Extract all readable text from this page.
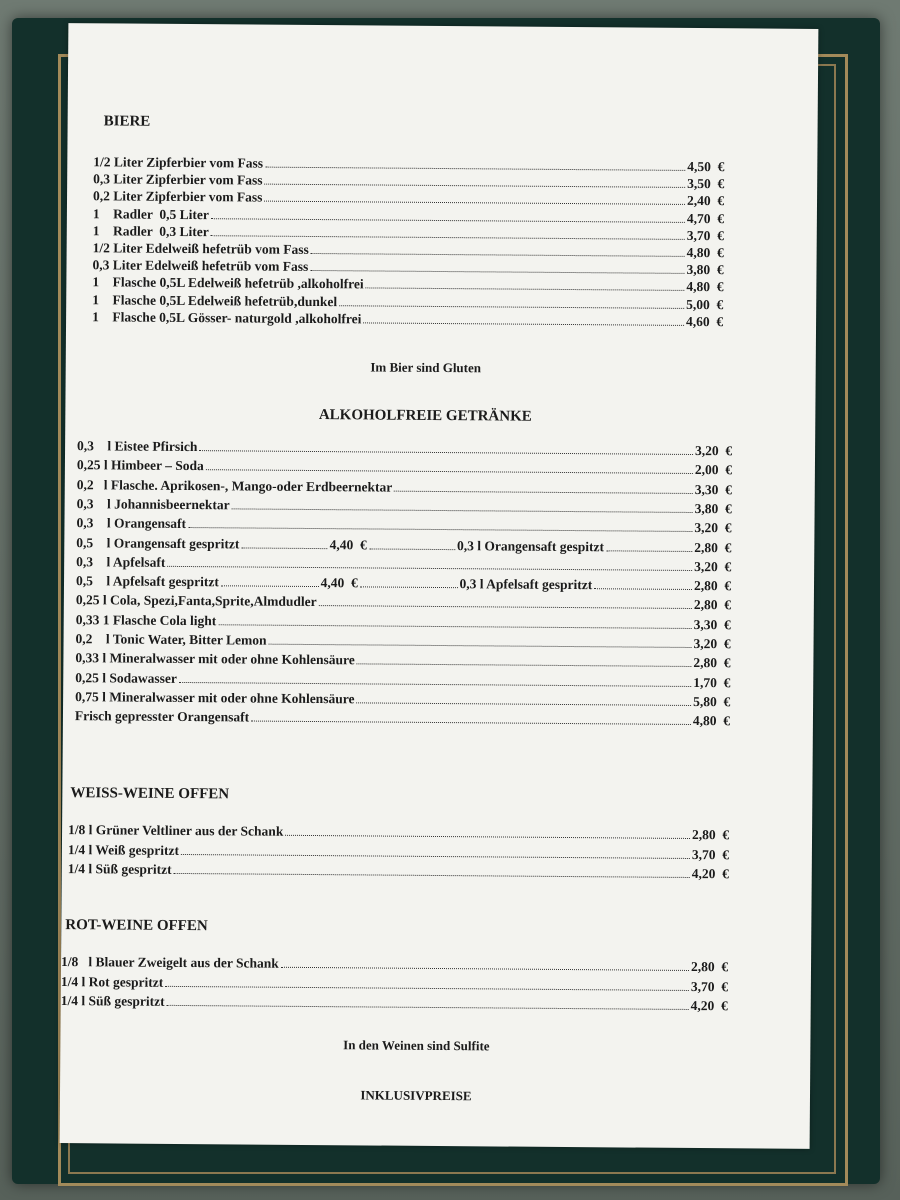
BIERE
1/2 Liter Zipferbier vom Fass	4,50  €
0,3 Liter Zipferbier vom Fass	3,50  €
0,2 Liter Zipferbier vom Fass	2,40  €
1    Radler  0,5 Liter	4,70  €
1    Radler  0,3 Liter	3,70  €
1/2 Liter Edelweiß hefetrüb vom Fass	4,80  €
0,3 Liter Edelweiß hefetrüb vom Fass	3,80  €
1    Flasche 0,5L Edelweiß hefetrüb ,alkoholfrei	4,80  €
1    Flasche 0,5L Edelweiß hefetrüb,dunkel	5,00  €
1    Flasche 0,5L Gösser- naturgold ,alkoholfrei	4,60  €
Im Bier sind Gluten
ALKOHOLFREIE GETRÄNKE
0,3    l Eistee Pfirsich	3,20  €
0,25 l Himbeer – Soda	2,00  €
0,2   l Flasche. Aprikosen-, Mango-oder Erdbeernektar	3,30  €
0,3    l Johannisbeernektar	3,80  €
0,3    l Orangensaft	3,20  €
0,5    l Orangensaft gespritzt	4,40  €	0,3 l Orangensaft gespitzt	2,80  €
0,3    l Apfelsaft	3,20  €
0,5    l Apfelsaft gespritzt	4,40  €	0,3 l Apfelsaft gespritzt	2,80  €
0,25 l Cola, Spezi,Fanta,Sprite,Almdudler	2,80  €
0,33 1 Flasche Cola light	3,30  €
0,2    l Tonic Water, Bitter Lemon	3,20  €
0,33 l Mineralwasser mit oder ohne Kohlensäure	2,80  €
0,25 l Sodawasser	1,70  €
0,75 l Mineralwasser mit oder ohne Kohlensäure	5,80  €
Frisch gepresster Orangensaft	4,80  €
WEISS-WEINE OFFEN
1/8 l Grüner Veltliner aus der Schank	2,80  €
1/4 l Weiß gespritzt	3,70  €
1/4 l Süß gespritzt	4,20  €
ROT-WEINE OFFEN
1/8   l Blauer Zweigelt aus der Schank	2,80  €
1/4 l Rot gespritzt	3,70  €
1/4 l Süß gespritzt	4,20  €
In den Weinen sind Sulfite
INKLUSIVPREISE
